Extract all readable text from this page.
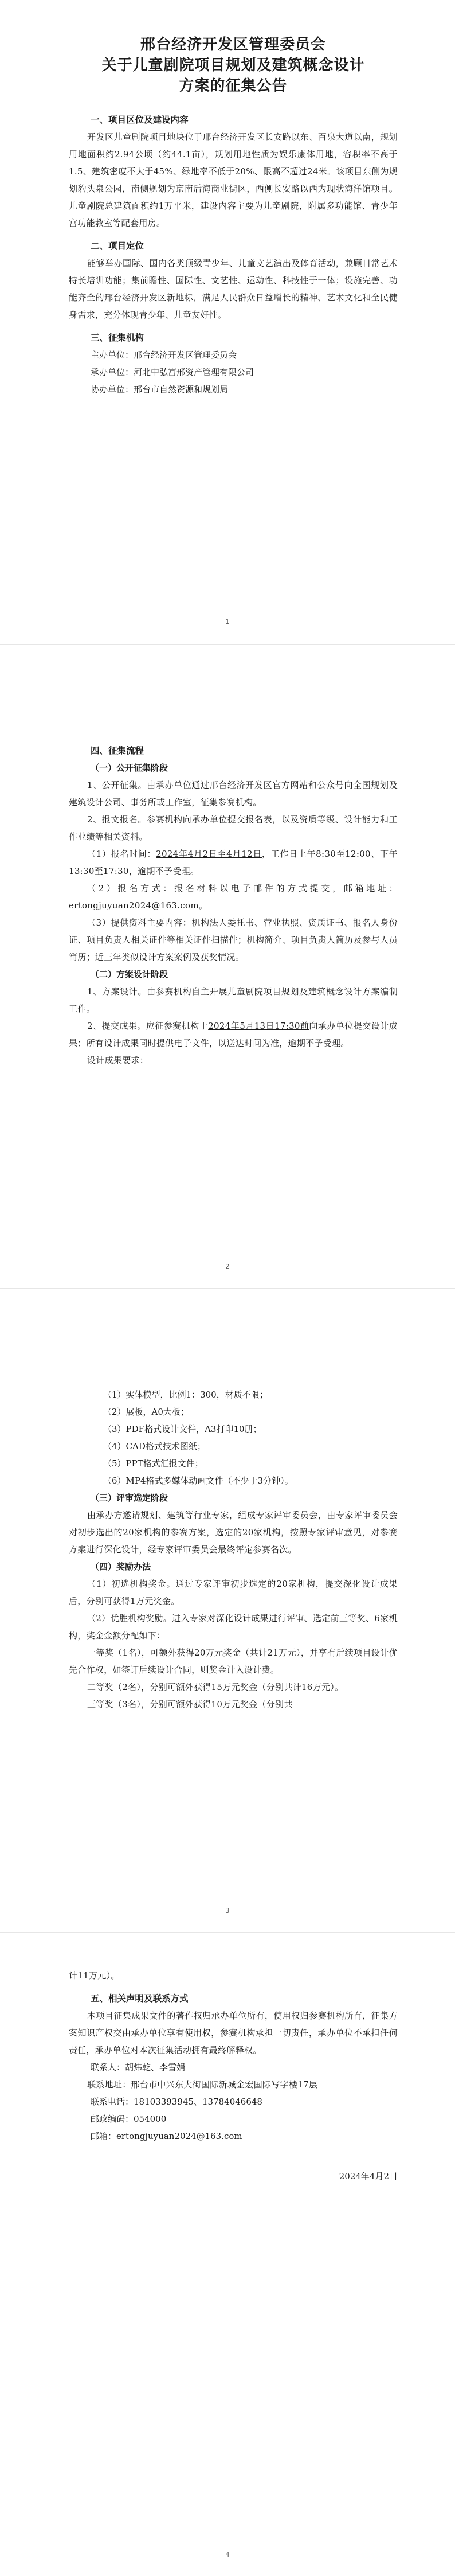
邢台经济开发区管理委员会
关于儿童剧院项目规划及建筑概念设计
方案的征集公告
一、项目区位及建设内容
开发区儿童剧院项目地块位于邢台经济开发区长安路以东、百泉大道以南，规划用地面积约2.94公顷（约44.1亩），规划用地性质为娱乐康体用地，容积率不高于1.5、建筑密度不大于45%、绿地率不低于20%、限高不超过24米。该项目东侧为规划豹头泉公园，南侧规划为京南后海商业街区，西侧长安路以西为现状海洋馆项目。儿童剧院总建筑面积约1万平米，建设内容主要为儿童剧院，附属多功能馆、青少年宫功能教室等配套用房。
二、项目定位
能够举办国际、国内各类顶级青少年、儿童文艺演出及体育活动，兼顾日常艺术特长培训功能；集前瞻性、国际性、文艺性、运动性、科技性于一体；设施完善、功能齐全的邢台经济开发区新地标，满足人民群众日益增长的精神、艺术文化和全民健身需求，充分体现青少年、儿童友好性。
三、征集机构
主办单位：邢台经济开发区管理委员会
承办单位：河北中弘富邢资产管理有限公司
协办单位：邢台市自然资源和规划局
1
四、征集流程
（一）公开征集阶段
1、公开征集。由承办单位通过邢台经济开发区官方网站和公众号向全国规划及建筑设计公司、事务所或工作室，征集参赛机构。
2、报文报名。参赛机构向承办单位提交报名表，以及资质等级、设计能力和工作业绩等相关资料。
（1）报名时间：2024年4月2日至4月12日，工作日上午8:30至12:00、下午13:30至17:30，逾期不予受理。
（2）报名方式：报名材料以电子邮件的方式提交，邮箱地址：ertongjuyuan2024@163.com。
（3）提供资料主要内容：机构法人委托书、营业执照、资质证书、报名人身份证、项目负责人相关证件等相关证件扫描件；机构简介、项目负责人简历及参与人员简历；近三年类似设计方案案例及获奖情况。
（二）方案设计阶段
1、方案设计。由参赛机构自主开展儿童剧院项目规划及建筑概念设计方案编制工作。
2、提交成果。应征参赛机构于2024年5月13日17:30前向承办单位提交设计成果；所有设计成果同时提供电子文件，以送达时间为准，逾期不予受理。
设计成果要求：
2
（1）实体模型，比例1：300，材质不限；
（2）展板，A0大板；
（3）PDF格式设计文件，A3打印10册；
（4）CAD格式技术图纸；
（5）PPT格式汇报文件；
（6）MP4格式多媒体动画文件（不少于3分钟）。
（三）评审选定阶段
由承办方邀请规划、建筑等行业专家，组成专家评审委员会，由专家评审委员会对初步选出的20家机构的参赛方案，选定的20家机构，按照专家评审意见，对参赛方案进行深化设计，经专家评审委员会最终评定参赛名次。
（四）奖励办法
（1）初选机构奖金。通过专家评审初步选定的20家机构，提交深化设计成果后，分别可获得1万元奖金。
（2）优胜机构奖励。进入专家对深化设计成果进行评审、选定前三等奖、6家机构，奖金金额分配如下：
一等奖（1名），可额外获得20万元奖金（共计21万元），并享有后续项目设计优先合作权，如签订后续设计合同，则奖金计入设计费。
二等奖（2名），分别可额外获得15万元奖金（分别共计16万元）。
三等奖（3名），分别可额外获得10万元奖金（分别共
3
计11万元）。
五、相关声明及联系方式
本项目征集成果文件的著作权归承办单位所有，使用权归参赛机构所有，征集方案知识产权交由承办单位享有使用权，参赛机构承担一切责任，承办单位不承担任何责任，承办单位对本次征集活动拥有最终解释权。
联系人：胡炜乾、李雪娟
联系地址：邢台市中兴东大街国际新城金宏国际写字楼17层
联系电话：18103393945、13784046648
邮政编码：054000
邮箱：ertongjuyuan2024@163.com
2024年4月2日
4
